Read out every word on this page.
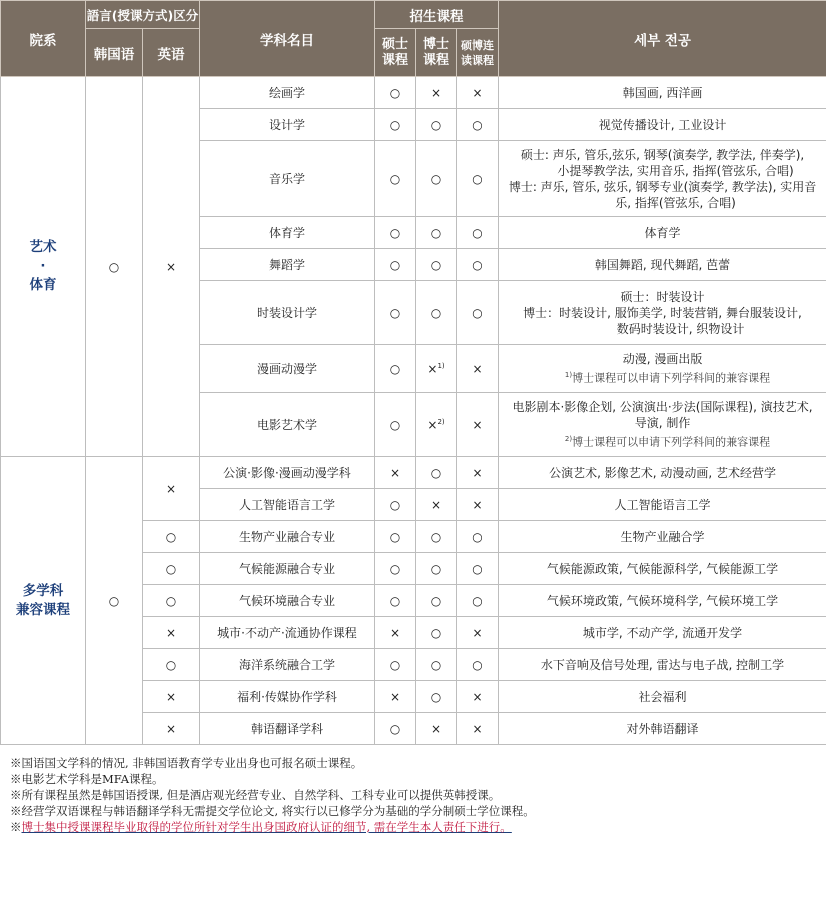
院系	語言(授课方式)区分		学科名目	招生课程			세부 전공
	韩国语	英语		硕士课程	博士课程	硕博连读课程	

艺术
·
体育	○	×	绘画学	○	×	×	韩国画, 西洋画
			设计学	○	○	○	视觉传播设计, 工业设计
			音乐学	○	○	○	硕士: 声乐, 管乐,弦乐, 钢琴(演奏学, 教学法, 伴奏学),
小提琴教学法, 实用音乐, 指挥(管弦乐, 合唱)
博士: 声乐, 管乐, 弦乐, 钢琴专业(演奏学, 教学法), 实用音
乐, 指挥(管弦乐, 合唱)

			体育学	○	○	○	体育学
			舞蹈学	○	○	○	韩国舞蹈, 现代舞蹈, 芭蕾
			时装设计学	○	○	○	硕士：时装设计
博士：时装设计, 服饰美学, 时装营销, 舞台服装设计,
数码时装设计, 织物设计

			漫画动漫学	○	×$^{1)}$	×	动漫, 漫画出版
$^{1)}$博士课程可以申请下列学科间的兼容课程

			电影艺术学	○	×$^{2)}$	×	电影剧本·影像企划, 公演演出·步法(国际课程), 演技艺术,
导演, 制作
$^{2)}$博士课程可以申请下列学科间的兼容课程

多学科
兼容课程	○	×	公演·影像·漫画动漫学科	×	○	×	公演艺术, 影像艺术, 动漫动画, 艺术经营学
			人工智能语言工学	○	×	×	人工智能语言工学
		○	生物产业融合专业	○	○	○	生物产业融合学
		○	气候能源融合专业	○	○	○	气候能源政策, 气候能源科学, 气候能源工学
		○	气候环境融合专业	○	○	○	气候环境政策, 气候环境科学, 气候环境工学
		×	城市·不动产·流通协作课程	×	○	×	城市学, 不动产学, 流通开发学
		○	海洋系统融合工学	○	○	○	水下音响及信号处理, 雷达与电子战, 控制工学
		×	福利·传媒协作学科	×	○	×	社会福利
		×	韩语翻译学科	○	×	×	对外韩语翻译
※国语国文学科的情况, 非韩国语教育学专业出身也可报名硕士课程。
※电影艺术学科是MFA课程。
※所有课程虽然是韩国语授课, 但是酒店观光经营专业、自然学科、工科专业可以提供英韩授课。
※经营学双语课程与韩语翻译学科无需提交学位论文, 将实行以已修学分为基础的学分制硕士学位课程。
※博士集中授课课程毕业取得的学位所针对学生出身国政府认证的细节, 需在学生本人责任下进行。
